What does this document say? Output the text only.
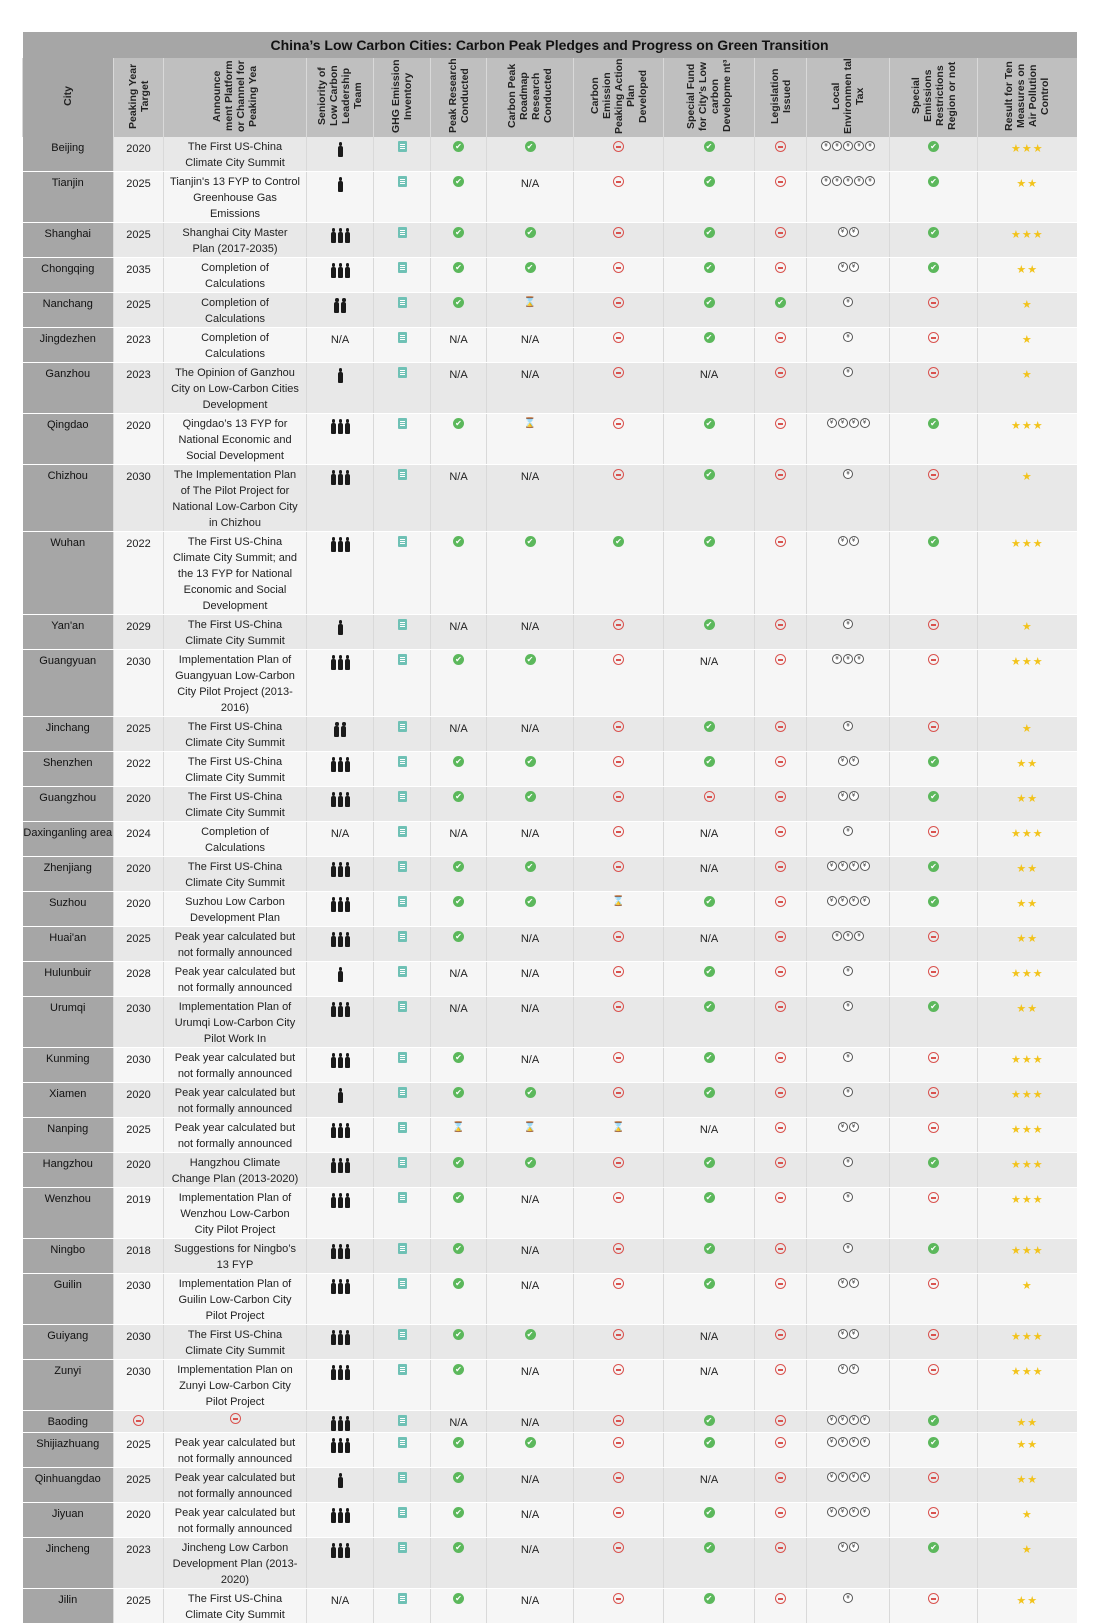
China’s Low Carbon Cities: Carbon Peak Pledges and Progress on Green Transition												
City	Peaking Year Target	Announce ment Platform or Channel for Peaking Yea	Seniority of Low Carbon Leadership Team	GHG Emission Inventory	Peak Research Conducted	Carbon Peak Roadmap Research Conducted	Carbon Emission Peaking Action Plan Developed	Special Fund for City’s Low carbon Developme nt³	Legislation Issued	Local Environmen tal Tax	Special Emissions Restrictions Region or not	Result for Ten Measures on Air Pollution Control
Beijing	2020	The First US-China Climate City Summit			✔	✔		✔		¥ ¥ ¥ ¥ ¥	✔	★★★
Tianjin	2025	Tianjin's 13 FYP to Control Greenhouse Gas Emissions			✔	N/A		✔		¥ ¥ ¥ ¥ ¥	✔	★★
Shanghai	2025	Shanghai City Master Plan (2017-2035)			✔	✔		✔		¥ ¥	✔	★★★
Chongqing	2035	Completion of Calculations			✔	✔		✔		¥ ¥	✔	★★
Nanchang	2025	Completion of Calculations			✔	⌛		✔	✔	¥		★
Jingdezhen	2023	Completion of Calculations	N/A		N/A	N/A		✔		¥		★
Ganzhou	2023	The Opinion of Ganzhou City on Low-Carbon Cities Development			N/A	N/A		N/A		¥		★
Qingdao	2020	Qingdao’s 13 FYP for National Economic and Social Development			✔	⌛		✔		¥ ¥ ¥ ¥	✔	★★★
Chizhou	2030	The Implementation Plan of The Pilot Project for National Low-Carbon City in Chizhou			N/A	N/A		✔		¥		★
Wuhan	2022	The First US-China Climate City Summit; and the 13 FYP for National Economic and Social Development			✔	✔	✔	✔		¥ ¥	✔	★★★
Yan'an	2029	The First US-China Climate City Summit			N/A	N/A		✔		¥		★
Guangyuan	2030	Implementation Plan of Guangyuan Low-Carbon City Pilot Project (2013-2016)			✔	✔		N/A		¥ ¥ ¥		★★★
Jinchang	2025	The First US-China Climate City Summit			N/A	N/A		✔		¥		★
Shenzhen	2022	The First US-China Climate City Summit			✔	✔		✔		¥ ¥	✔	★★
Guangzhou	2020	The First US-China Climate City Summit			✔	✔				¥ ¥	✔	★★
Daxinganling area	2024	Completion of Calculations	N/A		N/A	N/A		N/A		¥		★★★
Zhenjiang	2020	The First US-China Climate City Summit			✔	✔		N/A		¥ ¥ ¥ ¥	✔	★★
Suzhou	2020	Suzhou Low Carbon Development Plan			✔	✔	⌛	✔		¥ ¥ ¥ ¥	✔	★★
Huai'an	2025	Peak year calculated but not formally announced			✔	N/A		N/A		¥ ¥ ¥		★★
Hulunbuir	2028	Peak year calculated but not formally announced			N/A	N/A		✔		¥		★★★
Urumqi	2030	Implementation Plan of Urumqi Low-Carbon City Pilot Work In			N/A	N/A		✔		¥	✔	★★
Kunming	2030	Peak year calculated but not formally announced			✔	N/A		✔		¥		★★★
Xiamen	2020	Peak year calculated but not formally announced			✔	✔		✔		¥		★★★
Nanping	2025	Peak year calculated but not formally announced			⌛	⌛	⌛	N/A		¥ ¥		★★★
Hangzhou	2020	Hangzhou Climate Change Plan (2013-2020)			✔	✔		✔		¥	✔	★★★
Wenzhou	2019	Implementation Plan of Wenzhou Low-Carbon City Pilot Project			✔	N/A		✔		¥		★★★
Ningbo	2018	Suggestions for Ningbo’s 13 FYP			✔	N/A		✔		¥	✔	★★★
Guilin	2030	Implementation Plan of Guilin Low-Carbon City Pilot Project			✔	N/A		✔		¥ ¥		★
Guiyang	2030	The First US-China Climate City Summit			✔	✔		N/A		¥ ¥		★★★
Zunyi	2030	Implementation Plan on Zunyi Low-Carbon City Pilot Project			✔	N/A		N/A		¥ ¥		★★★
Baoding					N/A	N/A		✔		¥ ¥ ¥ ¥	✔	★★
Shijiazhuang	2025	Peak year calculated but not formally announced			✔	✔		✔		¥ ¥ ¥ ¥	✔	★★
Qinhuangdao	2025	Peak year calculated but not formally announced			✔	N/A		N/A		¥ ¥ ¥ ¥		★★
Jiyuan	2020	Peak year calculated but not formally announced			✔	N/A		✔		¥ ¥ ¥ ¥		★
Jincheng	2023	Jincheng Low Carbon Development Plan (2013-2020)			✔	N/A		✔		¥ ¥	✔	★
Jilin	2025	The First US-China Climate City Summit	N/A		✔	N/A		✔		¥		★★
